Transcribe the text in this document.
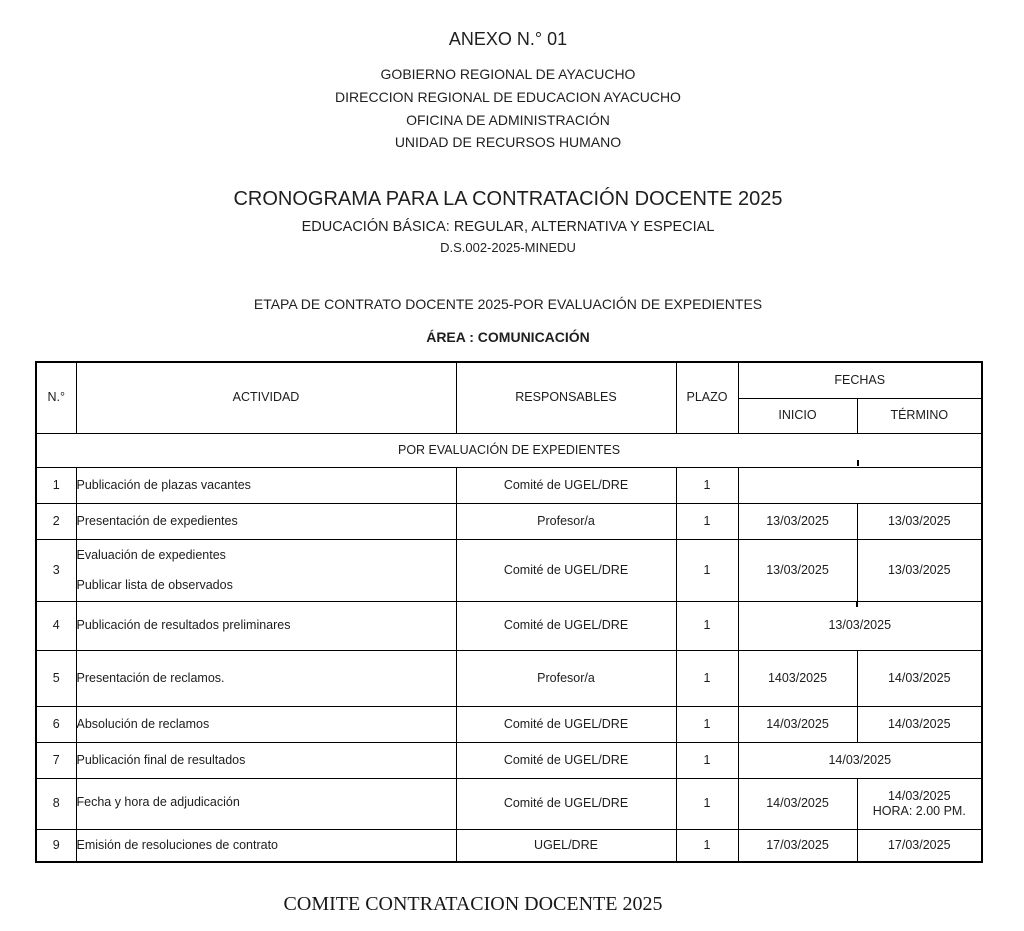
ANEXO N.° 01
GOBIERNO REGIONAL DE AYACUCHO
DIRECCION REGIONAL DE EDUCACION AYACUCHO
OFICINA DE ADMINISTRACIÓN
UNIDAD DE RECURSOS HUMANO
CRONOGRAMA PARA LA CONTRATACIÓN DOCENTE 2025
EDUCACIÓN BÁSICA: REGULAR, ALTERNATIVA Y ESPECIAL
D.S.002-2025-MINEDU
ETAPA DE CONTRATO DOCENTE 2025-POR EVALUACIÓN DE EXPEDIENTES
ÁREA : COMUNICACIÓN
N.°	ACTIVIDAD	RESPONSABLES	PLAZO	FECHAS	
				INICIO	TÉRMINO
POR EVALUACIÓN DE EXPEDIENTES					
1	Publicación de plazas vacantes	Comité de UGEL/DRE	1		
2	Presentación de expedientes	Profesor/a	1	13/03/2025	13/03/2025
3	Evaluación de expedientes
Publicar lista de observados	Comité de UGEL/DRE	1	13/03/2025	13/03/2025
4	Publicación de resultados preliminares	Comité de UGEL/DRE	1	13/03/2025	
5	Presentación de reclamos.	Profesor/a	1	1403/2025	14/03/2025
6	Absolución de reclamos	Comité de UGEL/DRE	1	14/03/2025	14/03/2025
7	Publicación final de resultados	Comité de UGEL/DRE	1	14/03/2025	
8	Fecha y hora de adjudicación	Comité de UGEL/DRE	1	14/03/2025	14/03/2025
HORA: 2.00 PM.

9	Emisión de resoluciones de contrato	UGEL/DRE	1	17/03/2025	17/03/2025
COMITE CONTRATACION DOCENTE 2025
